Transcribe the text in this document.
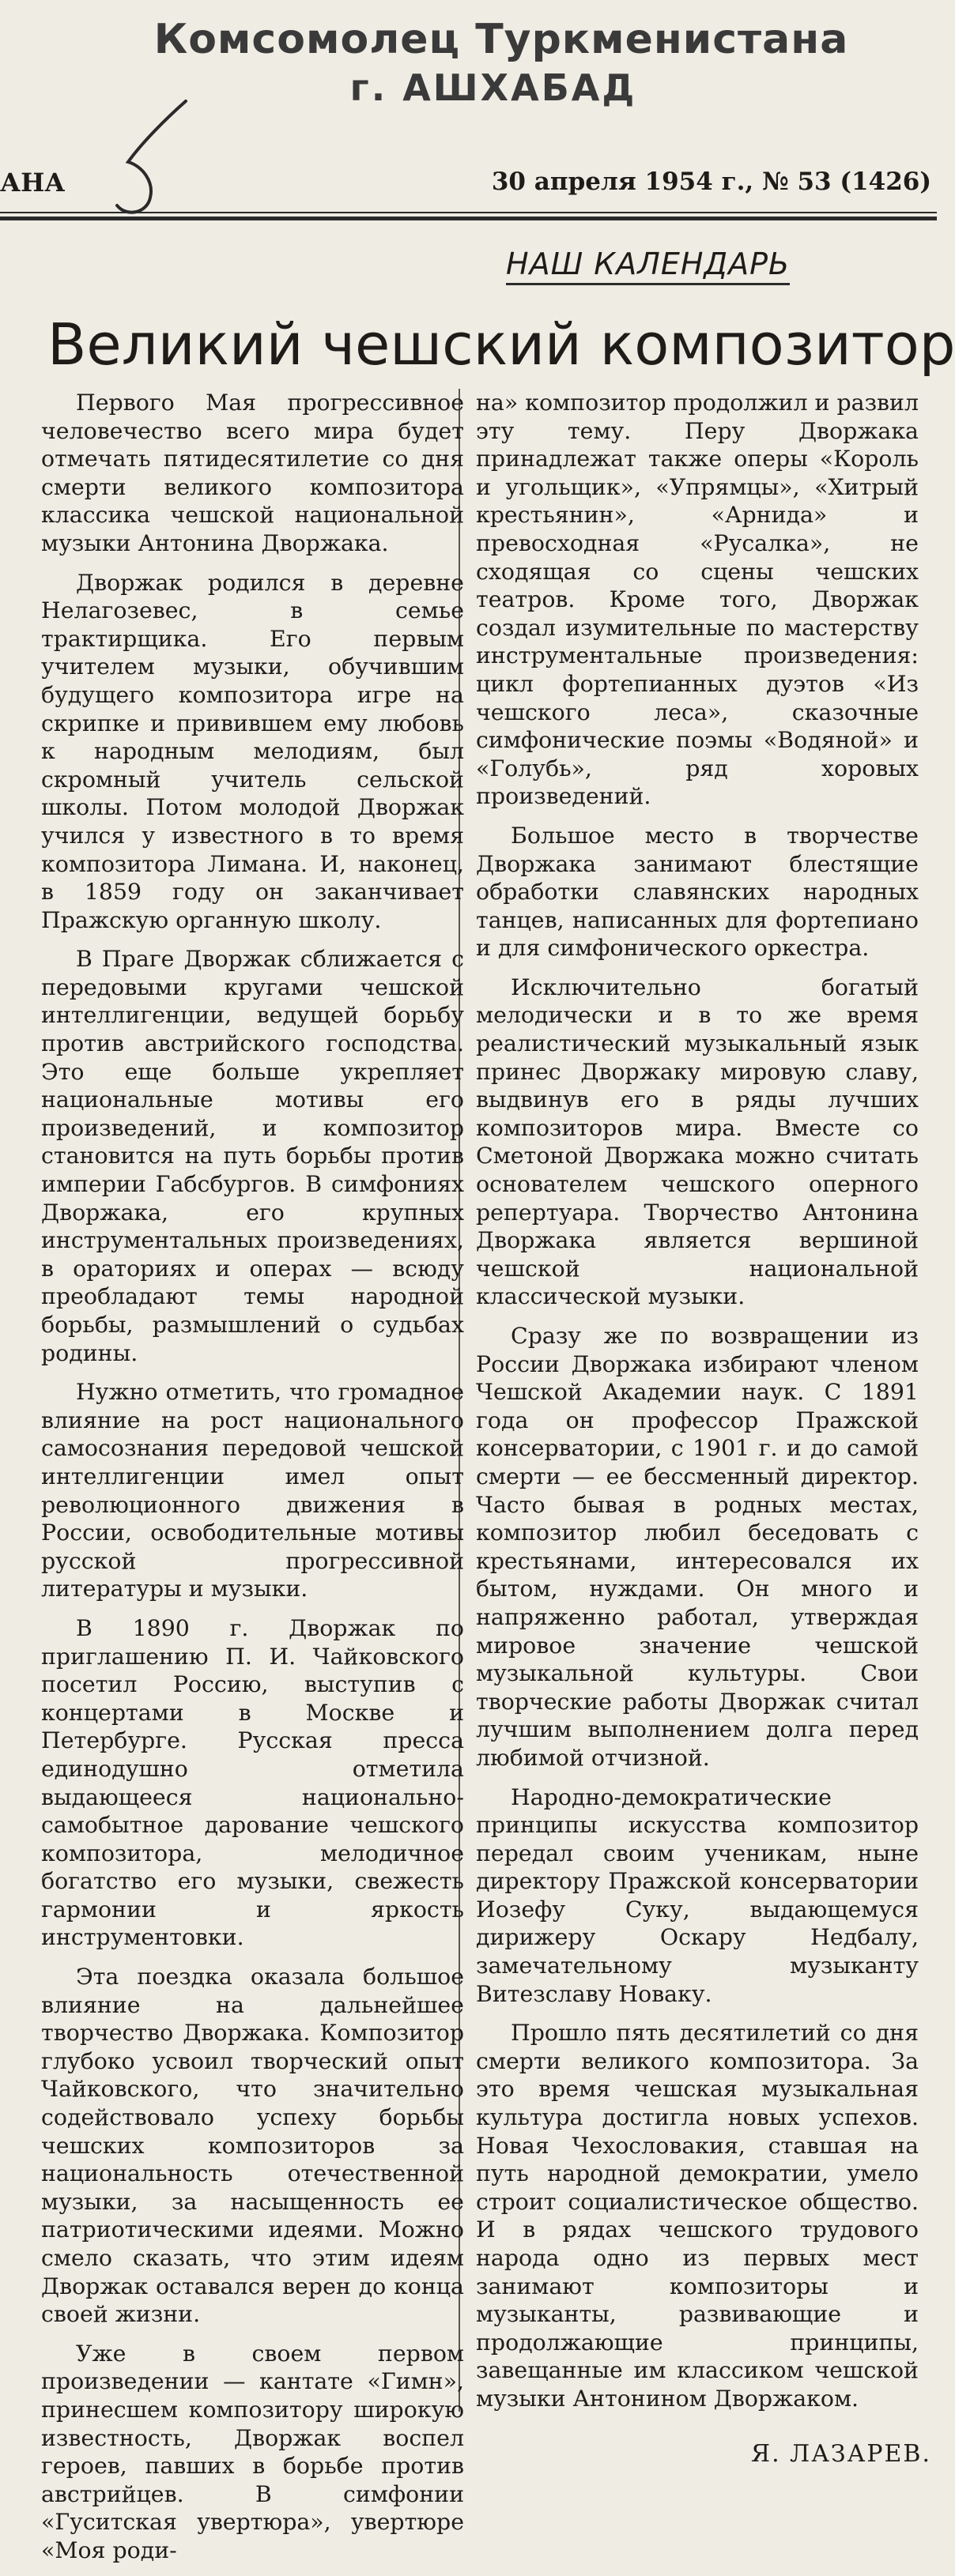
Комсомолец Туркменистана
г. АШХАБАД
АНА	30 апреля 1954 г., № 53 (1426)
НАШ КАЛЕНДАРЬ
Великий чешский композитор

Первого Мая прогрессивное человечество всего мира будет отмечать пятидесятилетие со дня смерти великого композитора классика чешской национальной музыки Антонина Дворжака.

Дворжак родился в деревне Нелагозевес, в семье трактирщика. Его первым учителем музыки, обучившим будущего композитора игре на скрипке и привившем ему любовь к народным мелодиям, был скромный учитель сельской школы. Потом молодой Дворжак учился у известного в то время композитора Лимана. И, наконец, в 1859 году он заканчивает Пражскую органную школу.

В Праге Дворжак сближается с передовыми кругами чешской интеллигенции, ведущей борьбу против австрийского господства. Это еще больше укрепляет национальные мотивы его произведений, и композитор становится на путь борьбы против империи Габсбургов. В симфониях Дворжака, его крупных инструментальных произведениях, в ораториях и операх — всюду преобладают темы народной борьбы, размышлений о судьбах родины.

Нужно отметить, что громадное влияние на рост национального самосознания передовой чешской интеллигенции имел опыт революционного движения в России, освободительные мотивы русской прогрессивной литературы и музыки.

В 1890 г. Дворжак по приглашению П. И. Чайковского посетил Россию, выступив с концертами в Москве и Петербурге. Русская пресса единодушно отметила выдающееся национально-самобытное дарование чешского композитора, мелодичное богатство его музыки, свежесть гармонии и яркость инструментовки.

Эта поездка оказала большое влияние на дальнейшее творчество Дворжака. Композитор глубоко усвоил творческий опыт Чайковского, что значительно содействовало успеху борьбы чешских композиторов за национальность отечественной музыки, за насыщенность ее патриотическими идеями. Можно смело сказать, что этим идеям Дворжак оставался верен до конца своей жизни.

Уже в своем первом произведении — кантате «Гимн», принесшем композитору широкую известность, Дворжак воспел героев, павших в борьбе против австрийцев. В симфонии «Гуситская увертюра», увертюре «Моя роди-

на» композитор продолжил и развил эту тему. Перу Дворжака принадлежат также оперы «Король и угольщик», «Упрямцы», «Хитрый крестьянин», «Арнида» и превосходная «Русалка», не сходящая со сцены чешских театров. Кроме того, Дворжак создал изумительные по мастерству инструментальные произведения: цикл фортепианных дуэтов «Из чешского леса», сказочные симфонические поэмы «Водяной» и «Голубь», ряд хоровых произведений.

Большое место в творчестве Дворжака занимают блестящие обработки славянских народных танцев, написанных для фортепиано и для симфонического оркестра.

Исключительно богатый мелодически и в то же время реалистический музыкальный язык принес Дворжаку мировую славу, выдвинув его в ряды лучших композиторов мира. Вместе со Сметоной Дворжака можно считать основателем чешского оперного репертуара. Творчество Антонина Дворжака является вершиной чешской национальной классической музыки.

Сразу же по возвращении из России Дворжака избирают членом Чешской Академии наук. С 1891 года он профессор Пражской консерватории, с 1901 г. и до самой смерти — ее бессменный директор. Часто бывая в родных местах, композитор любил беседовать с крестьянами, интересовался их бытом, нуждами. Он много и напряженно работал, утверждая мировое значение чешской музыкальной культуры. Свои творческие работы Дворжак считал лучшим выполнением долга перед любимой отчизной.

Народно-демократические принципы искусства композитор передал своим ученикам, ныне директору Пражской консерватории Иозефу Суку, выдающемуся дирижеру Оскару Недбалу, замечательному музыканту Витезславу Новаку.

Прошло пять десятилетий со дня смерти великого композитора. За это время чешская музыкальная культура достигла новых успехов. Новая Чехословакия, ставшая на путь народной демократии, умело строит социалистическое общество. И в рядах чешского трудового народа одно из первых мест занимают композиторы и музыканты, развивающие и продолжающие принципы, завещанные им классиком чешской музыки Антонином Дворжаком.

Я. ЛАЗАРЕВ.
